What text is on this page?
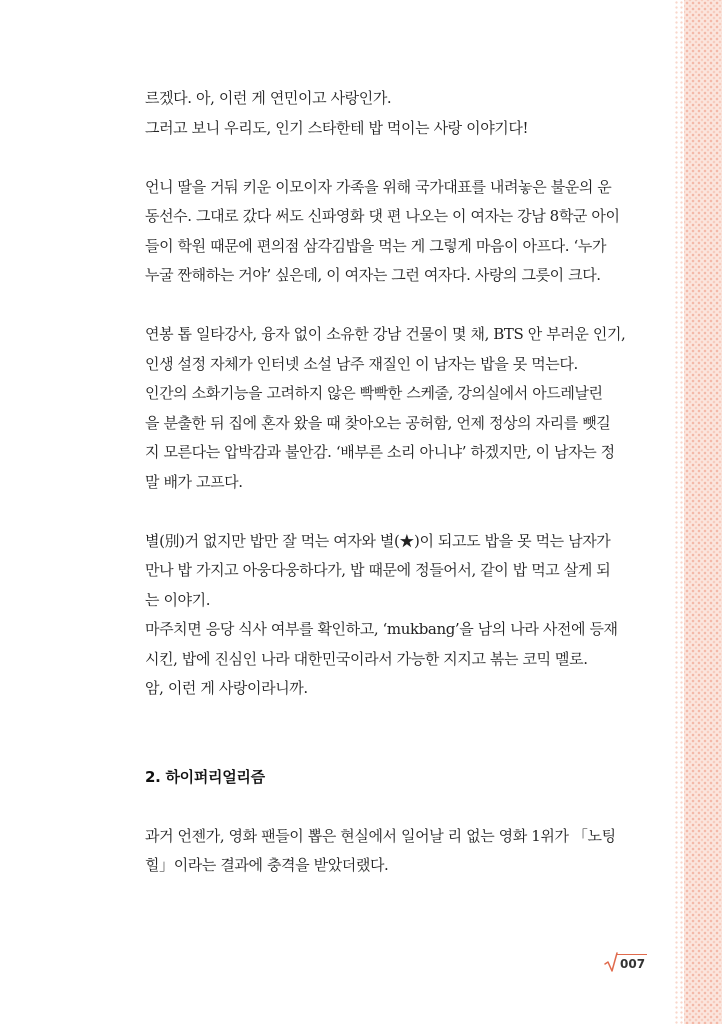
르겠다. 아, 이런 게 연민이고 사랑인가.

그러고 보니 우리도, 인기 스타한테 밥 먹이는 사랑 이야기다!

언니 딸을 거둬 키운 이모이자 가족을 위해 국가대표를 내려놓은 불운의 운

동선수. 그대로 갔다 써도 신파영화 댓 편 나오는 이 여자는 강남 8학군 아이

들이 학원 때문에 편의점 삼각김밥을 먹는 게 그렇게 마음이 아프다. ‘누가

누굴 짠해하는 거야’ 싶은데, 이 여자는 그런 여자다. 사랑의 그릇이 크다.

연봉 톱 일타강사, 융자 없이 소유한 강남 건물이 몇 채, BTS 안 부러운 인기,

인생 설정 자체가 인터넷 소설 남주 재질인 이 남자는 밥을 못 먹는다.

인간의 소화기능을 고려하지 않은 빡빡한 스케줄, 강의실에서 아드레날린

을 분출한 뒤 집에 혼자 왔을 때 찾아오는 공허함, 언제 정상의 자리를 뺏길

지 모른다는 압박감과 불안감. ‘배부른 소리 아니냐’ 하겠지만, 이 남자는 정

말 배가 고프다.

별(別)거 없지만 밥만 잘 먹는 여자와 별(★)이 되고도 밥을 못 먹는 남자가

만나 밥 가지고 아웅다웅하다가, 밥 때문에 정들어서, 같이 밥 먹고 살게 되

는 이야기.

마주치면 응당 식사 여부를 확인하고, ‘mukbang’을 남의 나라 사전에 등재

시킨, 밥에 진심인 나라 대한민국이라서 가능한 지지고 볶는 코믹 멜로.

암, 이런 게 사랑이라니까.

2. 하이퍼리얼리즘

과거 언젠가, 영화 팬들이 뽑은 현실에서 일어날 리 없는 영화 1위가 「노팅

힐」이라는 결과에 충격을 받았더랬다.

007
